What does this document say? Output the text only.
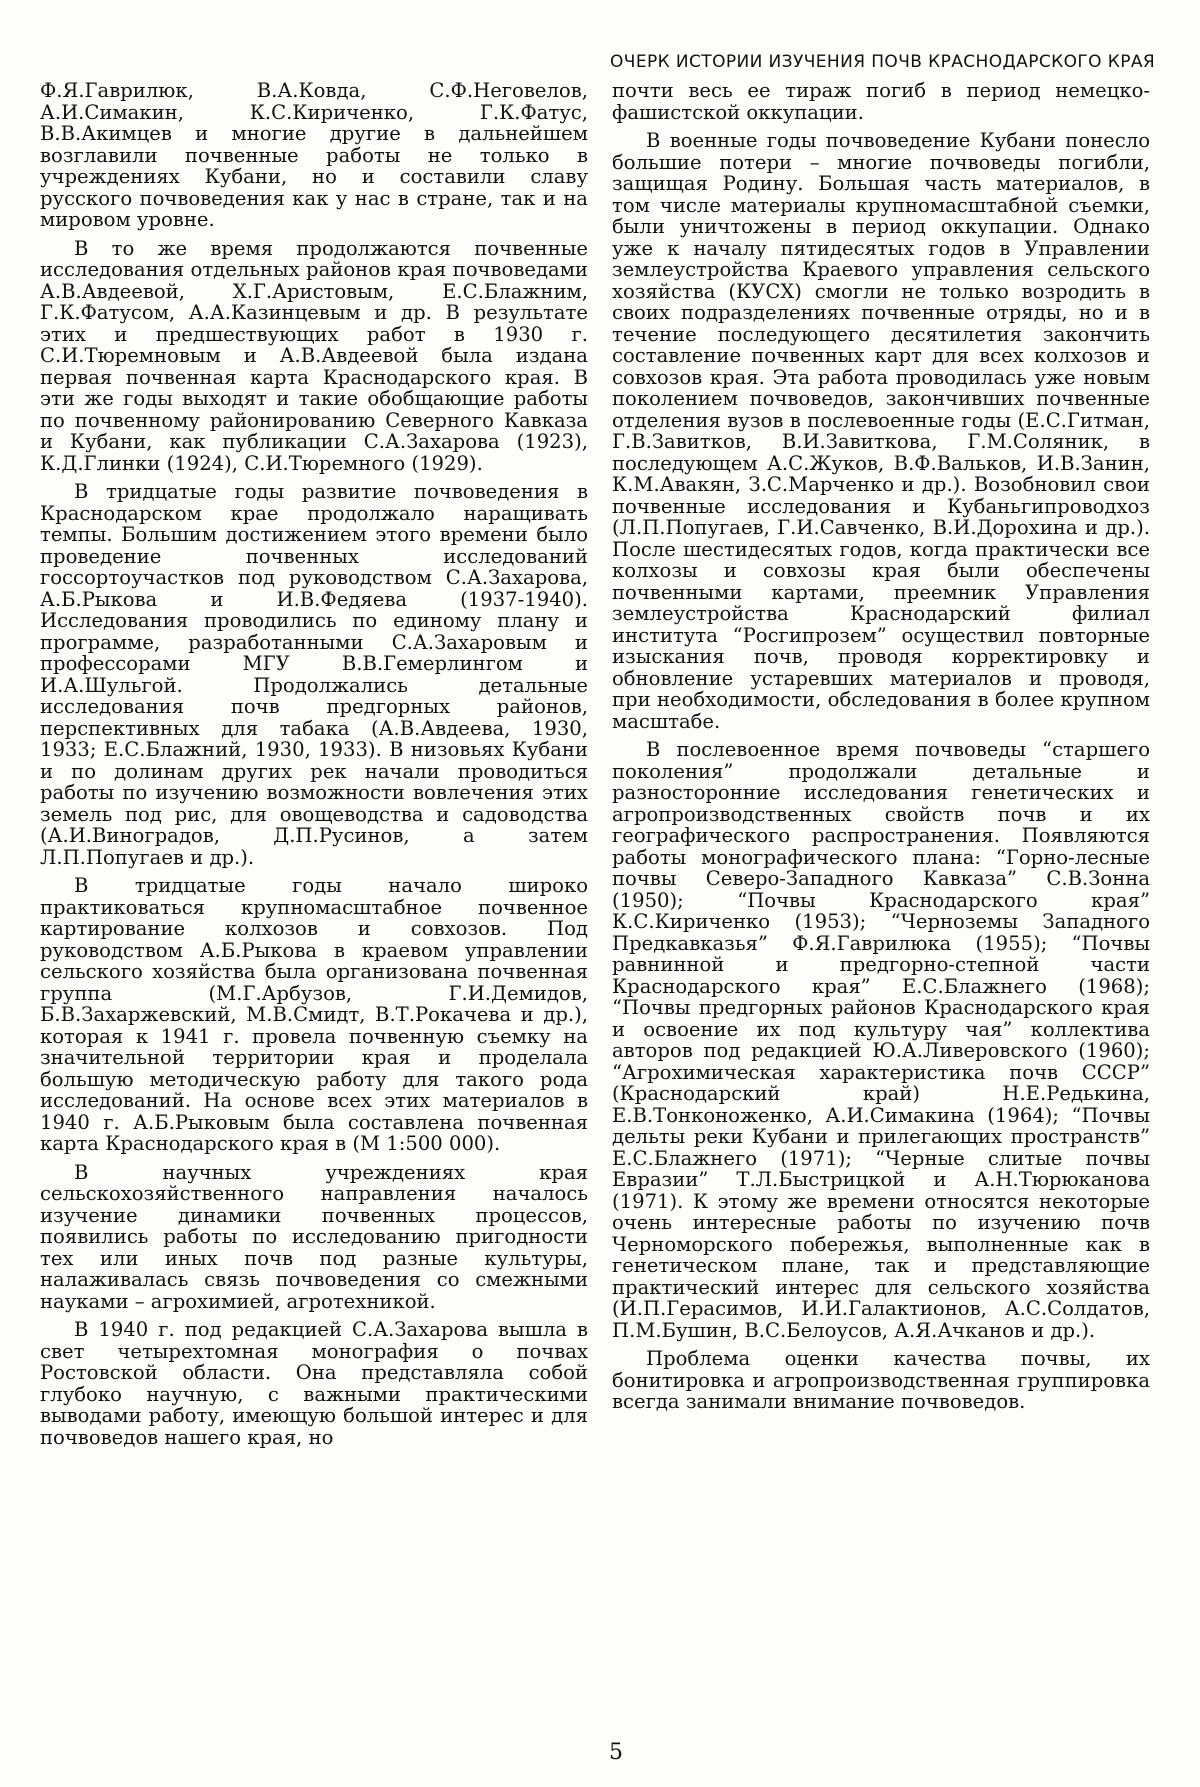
ОЧЕРК ИСТОРИИ ИЗУЧЕНИЯ ПОЧВ КРАСНОДАРСКОГО КРАЯ

Ф.Я.Гаврилюк, В.А.Ковда, С.Ф.Неговелов, А.И.Симакин, К.С.Кириченко, Г.К.Фатус, В.В.Акимцев и многие другие в дальнейшем возглавили почвенные работы не только в учреждениях Кубани, но и составили славу русского почвоведения как у нас в стране, так и на мировом уровне.

В то же время продолжаются почвенные исследования отдельных районов края почвоведами А.В.Авдеевой, Х.Г.Аристовым, Е.С.Блажним, Г.К.Фатусом, А.А.Казинцевым и др. В результате этих и предшествующих работ в 1930 г. С.И.Тюремновым и А.В.Авдеевой была издана первая почвенная карта Краснодарского края. В эти же годы выходят и такие обобщающие работы по почвенному районированию Северного Кавказа и Кубани, как публикации С.А.Захарова (1923), К.Д.Глинки (1924), С.И.Тюремного (1929).

В тридцатые годы развитие почвоведения в Краснодарском крае продолжало наращивать темпы. Большим достижением этого времени было проведение почвенных исследований госсортоучастков под руководством С.А.Захарова, А.Б.Рыкова и И.В.Федяева (1937-1940). Исследования проводились по единому плану и программе, разработанными С.А.Захаровым и профессорами МГУ В.В.Гемерлингом и И.А.Шульгой. Продолжались детальные исследования почв предгорных районов, перспективных для табака (А.В.Авдеева, 1930, 1933; Е.С.Блажний, 1930, 1933). В низовьях Кубани и по долинам других рек начали проводиться работы по изучению возможности вовлечения этих земель под рис, для овощеводства и садоводства (А.И.Виноградов, Д.П.Русинов, а затем Л.П.Попугаев и др.).

В тридцатые годы начало широко практиковаться крупномасштабное почвенное картирование колхозов и совхозов. Под руководством А.Б.Рыкова в краевом управлении сельского хозяйства была организована почвенная группа (М.Г.Арбузов, Г.И.Демидов, Б.В.Захаржевский, М.В.Смидт, В.Т.Рокачева и др.), которая к 1941 г. провела почвенную съемку на значительной территории края и проделала большую методическую работу для такого рода исследований. На основе всех этих материалов в 1940 г. А.Б.Рыковым была составлена почвенная карта Краснодарского края в (М 1:500 000).

В научных учреждениях края сельскохозяйственного направления началось изучение динамики почвенных процессов, появились работы по исследованию пригодности тех или иных почв под разные культуры, налаживалась связь почвоведения со смежными науками – агрохимией, агротехникой.

В 1940 г. под редакцией С.А.Захарова вышла в свет четырехтомная монография о почвах Ростовской области. Она представляла собой глубоко научную, с важными практическими выводами работу, имеющую большой интерес и для почвоведов нашего края, но

почти весь ее тираж погиб в период немецко-фашистской оккупации.

В военные годы почвоведение Кубани понесло большие потери – многие почвоведы погибли, защищая Родину. Большая часть материалов, в том числе материалы крупномасштабной съемки, были уничтожены в период оккупации. Однако уже к началу пятидесятых годов в Управлении землеустройства Краевого управления сельского хозяйства (КУСХ) смогли не только возродить в своих подразделениях почвенные отряды, но и в течение последующего десятилетия закончить составление почвенных карт для всех колхозов и совхозов края. Эта работа проводилась уже новым поколением почвоведов, закончивших почвенные отделения вузов в послевоенные годы (Е.С.Гитман, Г.В.Завитков, В.И.Завиткова, Г.М.Соляник, в последующем А.С.Жуков, В.Ф.Вальков, И.В.Занин, К.М.Авакян, З.С.Марченко и др.). Возобновил свои почвенные исследования и Кубаньгипроводхоз (Л.П.Попугаев, Г.И.Савченко, В.И.Дорохина и др.). После шестидесятых годов, когда практически все колхозы и совхозы края были обеспечены почвенными картами, преемник Управления землеустройства Краснодарский филиал института “Росгипрозем” осуществил повторные изыскания почв, проводя корректировку и обновление устаревших материалов и проводя, при необходимости, обследования в более крупном масштабе.

В послевоенное время почвоведы “старшего поколения” продолжали детальные и разносторонние исследования генетических и агропроизводственных свойств почв и их географического распространения. Появляются работы монографического плана: “Горно-лесные почвы Северо-Западного Кавказа” С.В.Зонна (1950); “Почвы Краснодарского края” К.С.Кириченко (1953); “Черноземы Западного Предкавказья” Ф.Я.Гаврилюка (1955); “Почвы равнинной и предгорно-степной части Краснодарского края” Е.С.Блажнего (1968); “Почвы предгорных районов Краснодарского края и освоение их под культуру чая” коллектива авторов под редакцией Ю.А.Ливеровского (1960); “Агрохимическая характеристика почв СССР” (Краснодарский край) Н.Е.Редькина, Е.В.Тонконоженко, А.И.Симакина (1964); “Почвы дельты реки Кубани и прилегающих пространств” Е.С.Блажнего (1971); “Черные слитые почвы Евразии” Т.Л.Быстрицкой и А.Н.Тюрюканова (1971). К этому же времени относятся некоторые очень интересные работы по изучению почв Черноморского побережья, выполненные как в генетическом плане, так и представляющие практический интерес для сельского хозяйства (И.П.Герасимов, И.И.Галактионов, А.С.Солдатов, П.М.Бушин, В.С.Белоусов, А.Я.Ачканов и др.).

Проблема оценки качества почвы, их бонитировка и агропроизводственная группировка всегда занимали внимание почвоведов.

5
